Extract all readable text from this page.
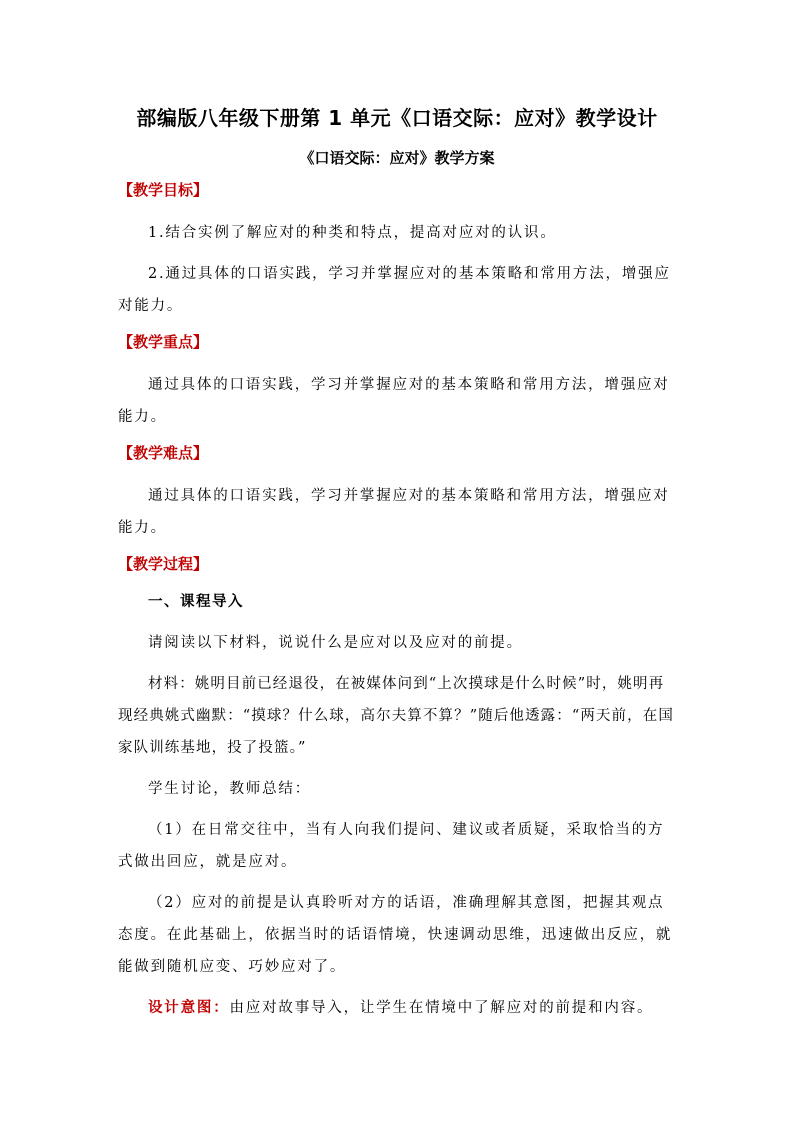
部编版八年级下册第 1 单元《口语交际：应对》教学设计
《口语交际：应对》教学方案
【教学目标】
1.结合实例了解应对的种类和特点，提高对应对的认识。
2.通过具体的口语实践，学习并掌握应对的基本策略和常用方法，增强应对能力。
【教学重点】
通过具体的口语实践，学习并掌握应对的基本策略和常用方法，增强应对能力。
【教学难点】
通过具体的口语实践，学习并掌握应对的基本策略和常用方法，增强应对能力。
【教学过程】
一、课程导入
请阅读以下材料，说说什么是应对以及应对的前提。
材料：姚明目前已经退役，在被媒体问到“上次摸球是什么时候”时，姚明再现经典姚式幽默：“摸球？什么球，高尔夫算不算？”随后他透露：“两天前，在国家队训练基地，投了投篮。”
学生讨论，教师总结：
（1）在日常交往中，当有人向我们提问、建议或者质疑，采取恰当的方式做出回应，就是应对。
（2）应对的前提是认真聆听对方的话语，准确理解其意图，把握其观点态度。在此基础上，依据当时的话语情境，快速调动思维，迅速做出反应，就能做到随机应变、巧妙应对了。
设计意图：由应对故事导入，让学生在情境中了解应对的前提和内容。
